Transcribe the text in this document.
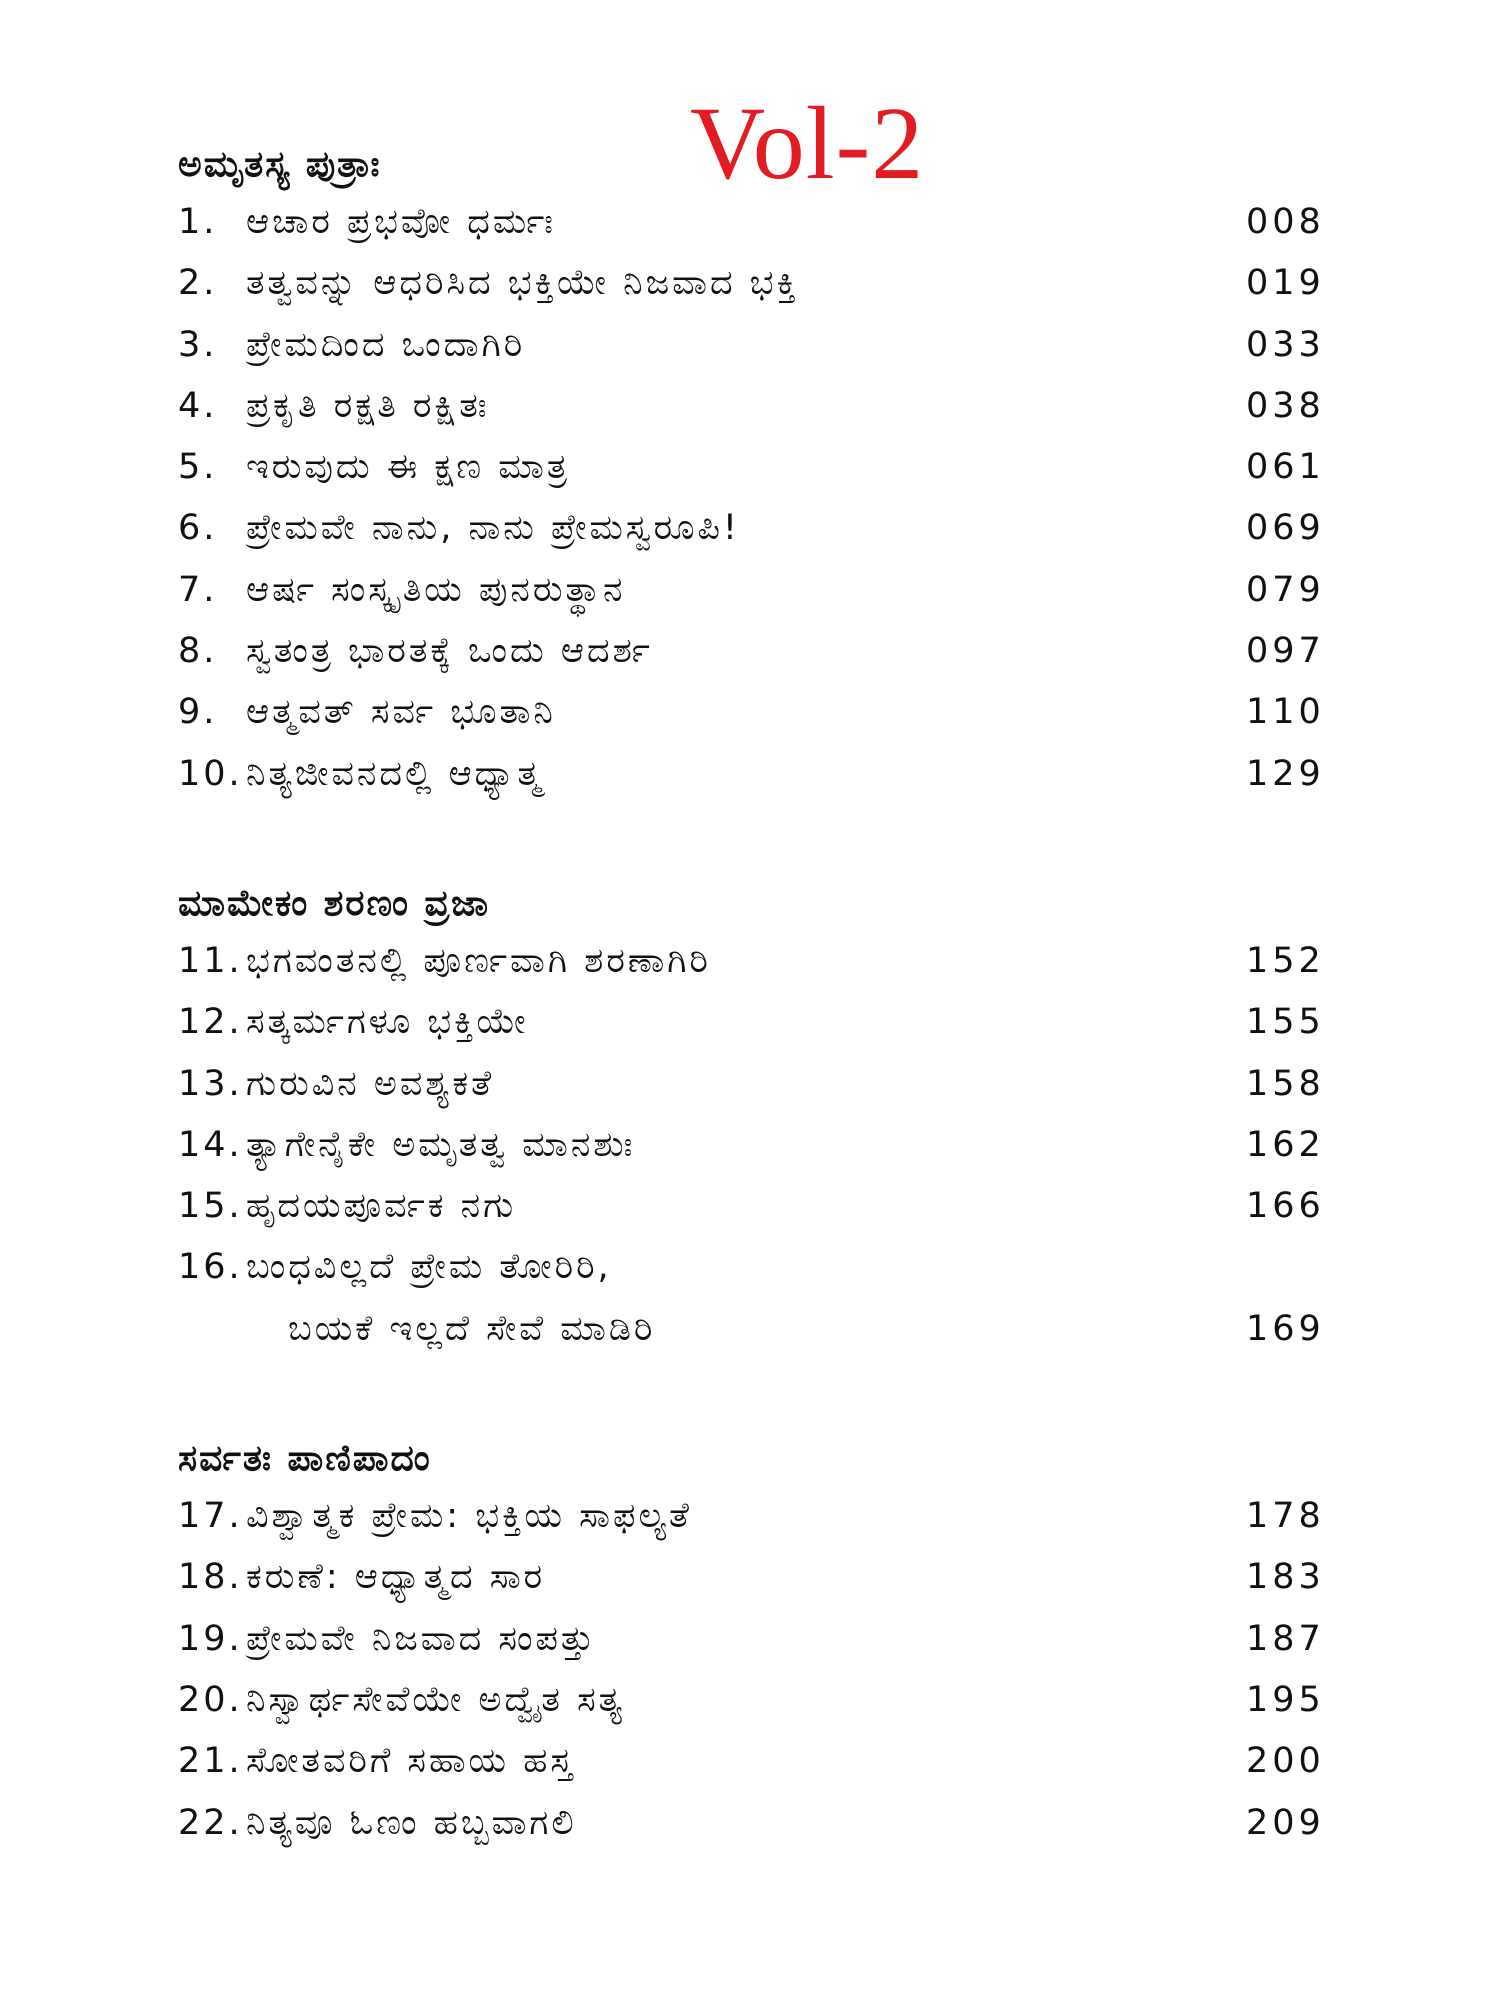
Vol-2
ಅಮೃತಸ್ಯ ಪುತ್ರಾಃ
1. ಆಚಾರ ಪ್ರಭವೋ ಧರ್ಮಃ	008
2. ತತ್ವವನ್ನು ಆಧರಿಸಿದ ಭಕ್ತಿಯೇ ನಿಜವಾದ ಭಕ್ತಿ	019
3. ಪ್ರೇಮದಿಂದ ಒಂದಾಗಿರಿ	033
4. ಪ್ರಕೃತಿ ರಕ್ಷತಿ ರಕ್ಷಿತಃ	038
5. ಇರುವುದು ಈ ಕ್ಷಣ ಮಾತ್ರ	061
6. ಪ್ರೇಮವೇ ನಾನು, ನಾನು ಪ್ರೇಮಸ್ವರೂಪಿ!	069
7. ಆರ್ಷ ಸಂಸ್ಕೃತಿಯ ಪುನರುತ್ಥಾನ	079
8. ಸ್ವತಂತ್ರ ಭಾರತಕ್ಕೆ ಒಂದು ಆದರ್ಶ	097
9. ಆತ್ಮವತ್ ಸರ್ವ ಭೂತಾನಿ	110
10.ನಿತ್ಯಜೀವನದಲ್ಲಿ ಆಧ್ಯಾತ್ಮ	129
ಮಾಮೇಕಂ ಶರಣಂ ವ್ರಜಾ
11.ಭಗವಂತನಲ್ಲಿ ಪೂರ್ಣವಾಗಿ ಶರಣಾಗಿರಿ	152
12.ಸತ್ಕರ್ಮಗಳೂ ಭಕ್ತಿಯೇ	155
13.ಗುರುವಿನ ಅವಶ್ಯಕತೆ	158
14.ತ್ಯಾಗೇನೈಕೇ ಅಮೃತತ್ವ ಮಾನಶುಃ	162
15.ಹೃದಯಪೂರ್ವಕ ನಗು	166
16.ಬಂಧವಿಲ್ಲದೆ ಪ್ರೇಮ ತೋರಿರಿ,
ಬಯಕೆ ಇಲ್ಲದೆ ಸೇವೆ ಮಾಡಿರಿ	169
ಸರ್ವತಃ ಪಾಣಿಪಾದಂ
17.ವಿಶ್ವಾತ್ಮಕ ಪ್ರೇಮ: ಭಕ್ತಿಯ ಸಾಫಲ್ಯತೆ	178
18.ಕರುಣೆ: ಆಧ್ಯಾತ್ಮದ ಸಾರ	183
19.ಪ್ರೇಮವೇ ನಿಜವಾದ ಸಂಪತ್ತು	187
20.ನಿಸ್ವಾರ್ಥಸೇವೆಯೇ ಅದ್ವೈತ ಸತ್ಯ	195
21.ಸೋತವರಿಗೆ ಸಹಾಯ ಹಸ್ತ	200
22.ನಿತ್ಯವೂ ಓಣಂ ಹಬ್ಬವಾಗಲಿ	209
